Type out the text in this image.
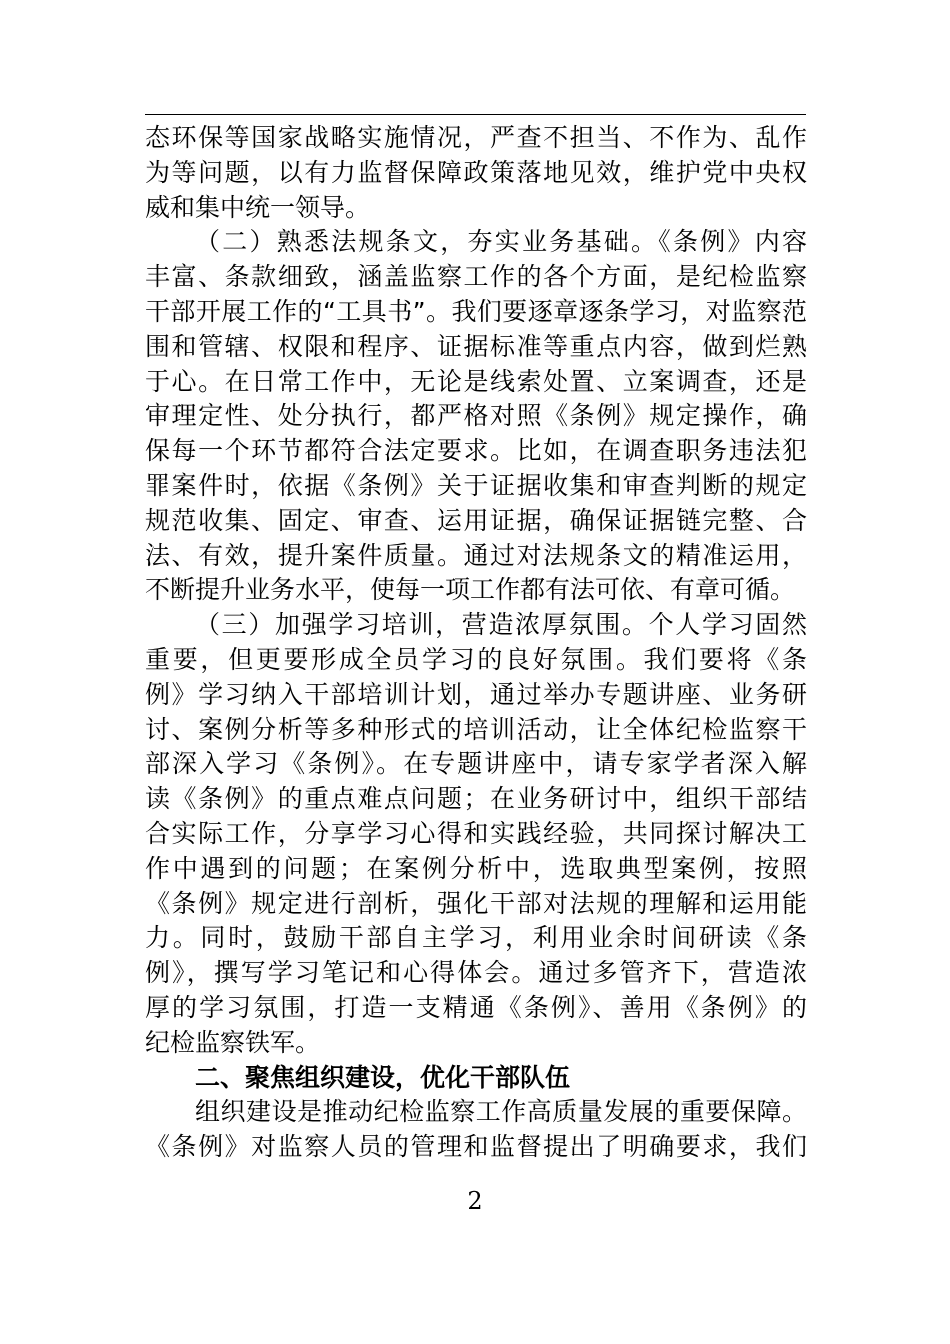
态环保等国家战略实施情况，严查不担当、不作为、乱作
为等问题，以有力监督保障政策落地见效，维护党中央权
威和集中统一领导。
（二）熟悉法规条文，夯实业务基础。《条例》内容
丰富、条款细致，涵盖监察工作的各个方面，是纪检监察
干部开展工作的“工具书”。我们要逐章逐条学习，对监察范
围和管辖、权限和程序、证据标准等重点内容，做到烂熟
于心。在日常工作中，无论是线索处置、立案调查，还是
审理定性、处分执行，都严格对照《条例》规定操作，确
保每一个环节都符合法定要求。比如，在调查职务违法犯
罪案件时，依据《条例》关于证据收集和审查判断的规定
规范收集、固定、审查、运用证据，确保证据链完整、合
法、有效，提升案件质量。通过对法规条文的精准运用，
不断提升业务水平，使每一项工作都有法可依、有章可循。
（三）加强学习培训，营造浓厚氛围。个人学习固然
重要，但更要形成全员学习的良好氛围。我们要将《条
例》学习纳入干部培训计划，通过举办专题讲座、业务研
讨、案例分析等多种形式的培训活动，让全体纪检监察干
部深入学习《条例》。在专题讲座中，请专家学者深入解
读《条例》的重点难点问题；在业务研讨中，组织干部结
合实际工作，分享学习心得和实践经验，共同探讨解决工
作中遇到的问题；在案例分析中，选取典型案例，按照
《条例》规定进行剖析，强化干部对法规的理解和运用能
力。同时，鼓励干部自主学习，利用业余时间研读《条
例》，撰写学习笔记和心得体会。通过多管齐下，营造浓
厚的学习氛围，打造一支精通《条例》、善用《条例》的
纪检监察铁军。
二、聚焦组织建设，优化干部队伍
组织建设是推动纪检监察工作高质量发展的重要保障。
《条例》对监察人员的管理和监督提出了明确要求，我们
2
